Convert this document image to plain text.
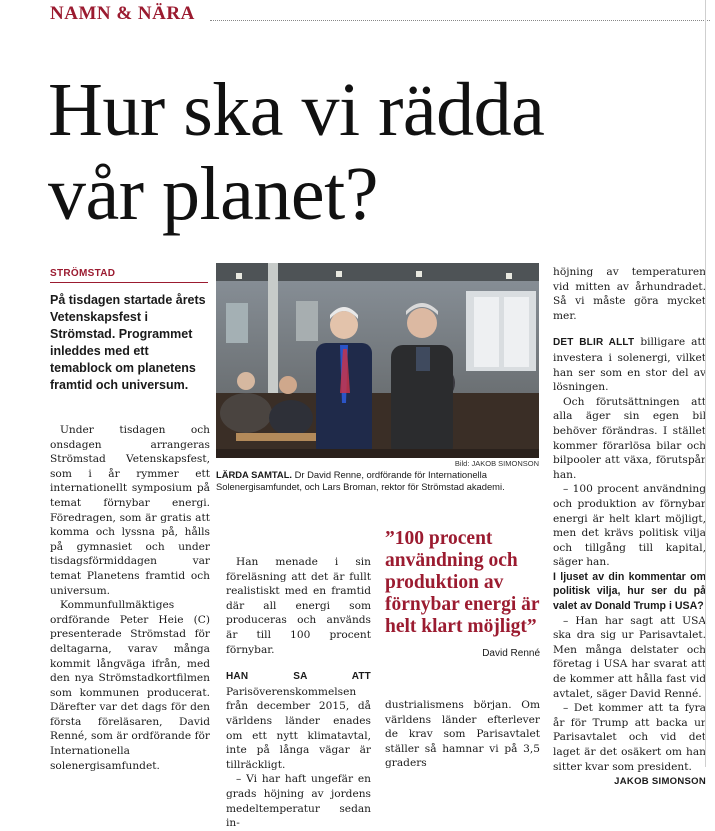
NAMN & NÄRA
Hur ska vi rädda
vår planet?
STRÖMSTAD
På tisdagen startade årets Vetenskapsfest i Strömstad. Programmet inleddes med ett temablock om planetens framtid och universum.

Under tisdagen och onsdagen arrangeras Strömstad Vetenskapsfest, som i år rymmer ett internationellt symposium på temat förnybar energi. Föredragen, som är gratis att komma och lyssna på, hålls på gymnasiet och under tisdagsförmiddagen var temat Planetens framtid och universum.

Kommunfullmäktiges ordförande Peter Heie (C) presenterade Strömstad för deltagarna, varav många kommit långväga ifrån, med den nya Strömstadkortfilmen som kommunen producerat. Därefter var det dags för den första föreläsaren, David Renné, som är ordförande för Internationella solenergisamfundet.

Bild: JAKOB SIMONSON
LÄRDA SAMTAL. Dr David Renne, ordförande för Internationella Solenergisamfundet, och Lars Broman, rektor för Strömstad akademi.

Han menade i sin föreläsning att det är fullt realistiskt med en framtid där all energi som produceras och används är till 100 procent förnybar.

HAN SA ATT Parisöverenskommelsen från december 2015, då världens länder enades om ett nytt klimatavtal, inte på långa vägar är tillräckligt.

– Vi har haft ungefär en grads höjning av jordens medeltemperatur sedan in-

”100 procent användning och produktion av förnybar energi är helt klart möjligt”
David Renné

dustrialismens början. Om världens länder efterlever de krav som Parisavtalet ställer så hamnar vi på 3,5 graders

höjning av temperaturen vid mitten av århundradet. Så vi måste göra mycket mer.

DET BLIR ALLT billigare att investera i solenergi, vilket han ser som en stor del av lösningen.

Och förutsättningen att alla äger sin egen bil behöver förändras. I stället kommer förarlösa bilar och bilpooler att växa, förutspår han.

– 100 procent användning och produktion av förnybar energi är helt klart möjligt, men det krävs politisk vilja och tillgång till kapital, säger han.

I ljuset av din kommentar om politisk vilja, hur ser du på valet av Donald Trump i USA?

– Han har sagt att USA ska dra sig ur Parisavtalet. Men många delstater och företag i USA har svarat att de kommer att hålla fast vid avtalet, säger David Renné.

– Det kommer att ta fyra år för Trump att backa ur Parisavtalet och vid det laget är det osäkert om han sitter kvar som president.

JAKOB SIMONSON
